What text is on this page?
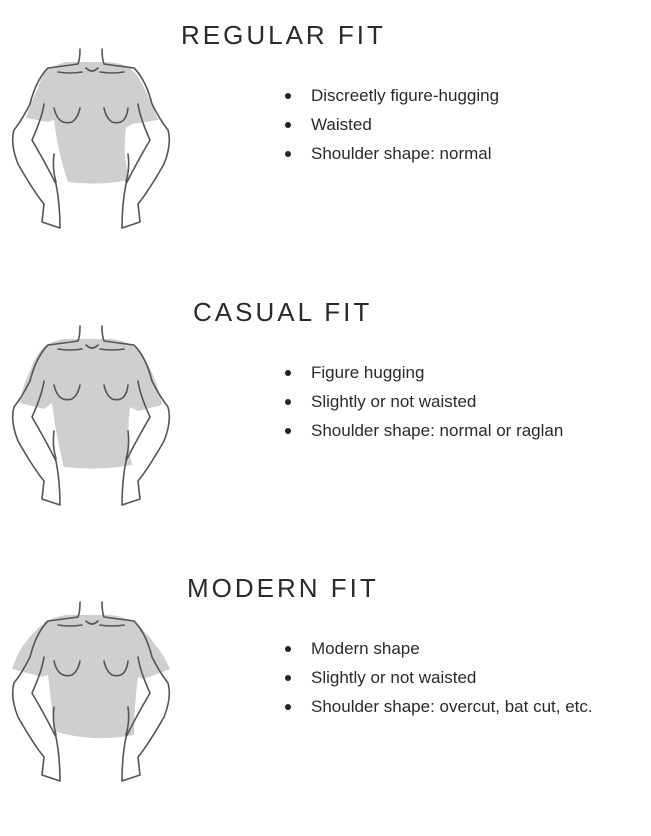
REGULAR FIT
Discreetly figure-hugging
Waisted
Shoulder shape: normal
CASUAL FIT
Figure hugging
Slightly or not waisted
Shoulder shape: normal or raglan
MODERN FIT
Modern shape
Slightly or not waisted
Shoulder shape: overcut, bat cut, etc.
